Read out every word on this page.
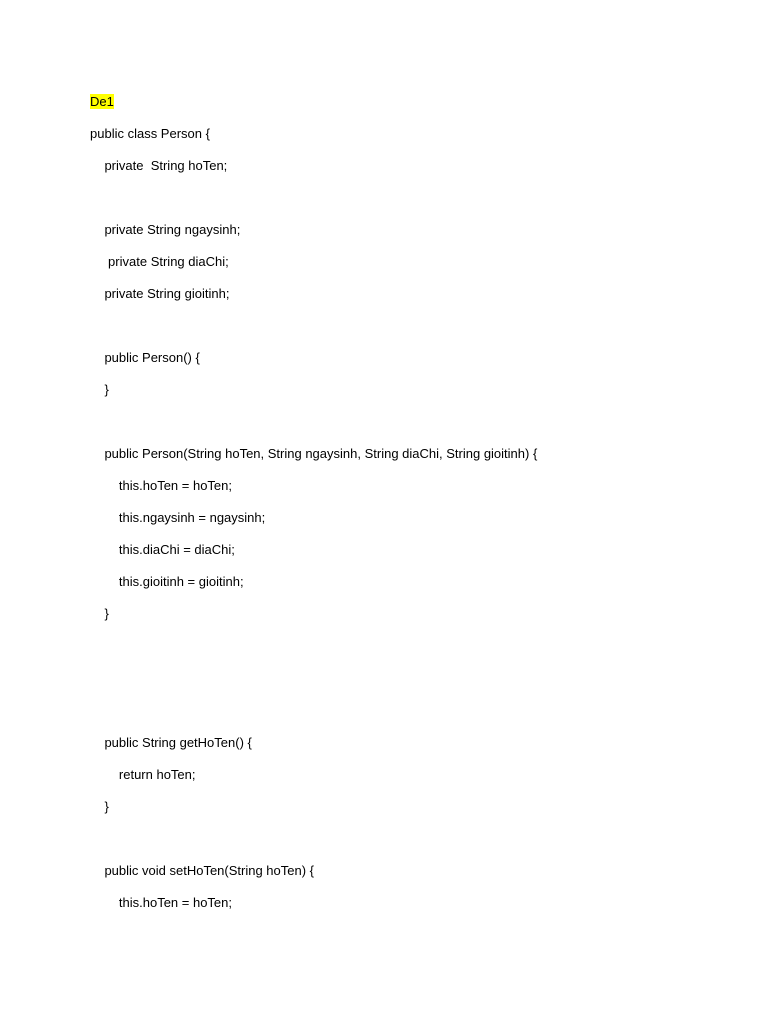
De1
public class Person {
private  String hoTen;
private String ngaysinh;
private String diaChi;
private String gioitinh;
public Person() {
}
public Person(String hoTen, String ngaysinh, String diaChi, String gioitinh) {
this.hoTen = hoTen;
this.ngaysinh = ngaysinh;
this.diaChi = diaChi;
this.gioitinh = gioitinh;
}
public String getHoTen() {
return hoTen;
}
public void setHoTen(String hoTen) {
this.hoTen = hoTen;
